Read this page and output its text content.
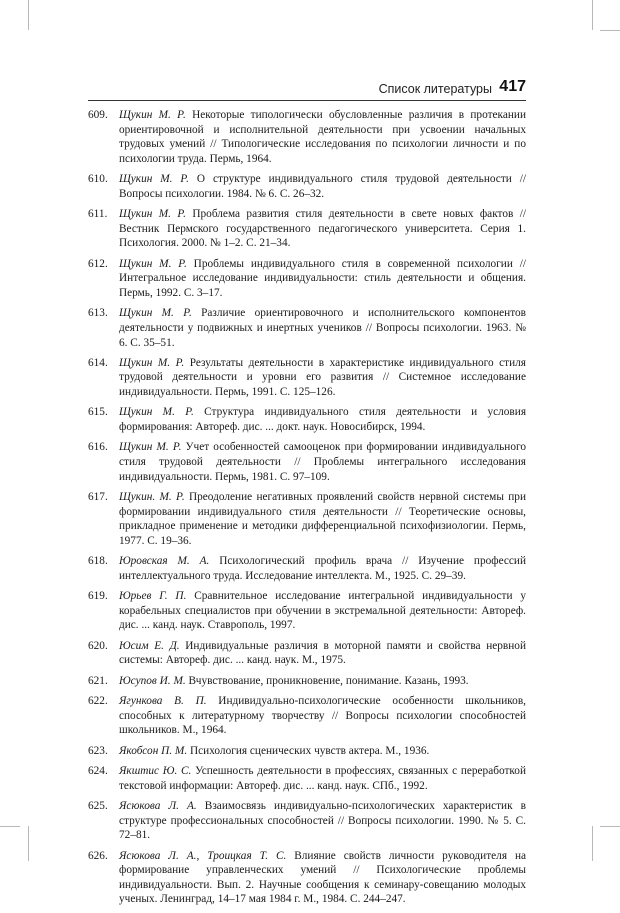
Список литературы 417
609. Щукин М. Р. Некоторые типологически обусловленные различия в протекании ориентировочной и исполнительной деятельности при усвоении начальных трудовых умений // Типологические исследования по психологии личности и по психологии труда. Пермь, 1964.
610. Щукин М. Р. О структуре индивидуального стиля трудовой деятельности // Вопросы психологии. 1984. № 6. С. 26–32.
611. Щукин М. Р. Проблема развития стиля деятельности в свете новых фактов // Вестник Пермского государственного педагогического университета. Серия 1. Психология. 2000. № 1–2. С. 21–34.
612. Щукин М. Р. Проблемы индивидуального стиля в современной психологии // Интегральное исследование индивидуальности: стиль деятельности и общения. Пермь, 1992. С. 3–17.
613. Щукин М. Р. Различие ориентировочного и исполнительского компонентов деятельности у подвижных и инертных учеников // Вопросы психологии. 1963. № 6. С. 35–51.
614. Щукин М. Р. Результаты деятельности в характеристике индивидуального стиля трудовой деятельности и уровни его развития // Системное исследование индивидуальности. Пермь, 1991. С. 125–126.
615. Щукин М. Р. Структура индивидуального стиля деятельности и условия формирования: Автореф. дис. ... докт. наук. Новосибирск, 1994.
616. Щукин М. Р. Учет особенностей самооценок при формировании индивидуального стиля трудовой деятельности // Проблемы интегрального исследования индивидуальности. Пермь, 1981. С. 97–109.
617. Щукин. М. Р. Преодоление негативных проявлений свойств нервной системы при формировании индивидуального стиля деятельности // Теоретические основы, прикладное применение и методики дифференциальной психофизиологии. Пермь, 1977. С. 19–36.
618. Юровская М. А. Психологический профиль врача // Изучение профессий интеллектуального труда. Исследование интеллекта. М., 1925. С. 29–39.
619. Юрьев Г. П. Сравнительное исследование интегральной индивидуальности у корабельных специалистов при обучении в экстремальной деятельности: Автореф. дис. ... канд. наук. Ставрополь, 1997.
620. Юсим Е. Д. Индивидуальные различия в моторной памяти и свойства нервной системы: Автореф. дис. ... канд. наук. М., 1975.
621. Юсупов И. М. Вчувствование, проникновение, понимание. Казань, 1993.
622. Ягункова В. П. Индивидуально-психологические особенности школьников, способных к литературному творчеству // Вопросы психологии способностей школьников. М., 1964.
623. Якобсон П. М. Психология сценических чувств актера. М., 1936.
624. Якштис Ю. С. Успешность деятельности в профессиях, связанных с переработкой текстовой информации: Автореф. дис. ... канд. наук. СПб., 1992.
625. Ясюкова Л. А. Взаимосвязь индивидуально-психологических характеристик в структуре профессиональных способностей // Вопросы психологии. 1990. № 5. С. 72–81.
626. Ясюкова Л. А., Троицкая Т. С. Влияние свойств личности руководителя на формирование управленческих умений // Психологические проблемы индивидуальности. Вып. 2. Научные сообщения к семинару-совещанию молодых ученых. Ленинград, 14–17 мая 1984 г. М., 1984. С. 244–247.
